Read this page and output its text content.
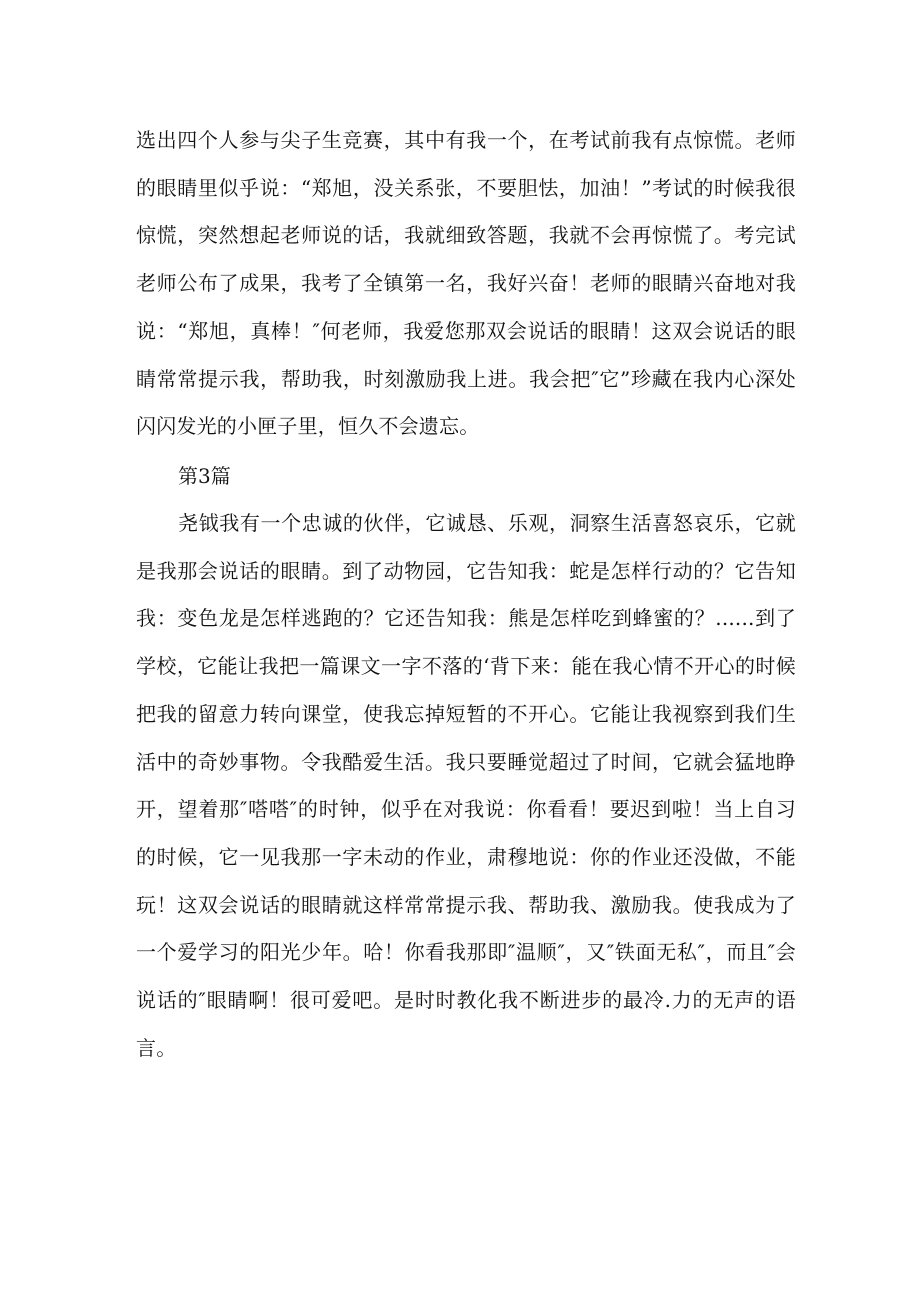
选出四个人参与尖子生竞赛，其中有我一个，在考试前我有点惊慌。老师的眼睛里似乎说：“郑旭，没关系张，不要胆怯，加油！”考试的时候我很惊慌，突然想起老师说的话，我就细致答题，我就不会再惊慌了。考完试老师公布了成果，我考了全镇第一名，我好兴奋！老师的眼睛兴奋地对我说：“郑旭，真棒！″何老师，我爱您那双会说话的眼睛！这双会说话的眼睛常常提示我，帮助我，时刻激励我上进。我会把″它”珍藏在我内心深处闪闪发光的小匣子里，恒久不会遗忘。

第3篇

尧钺我有一个忠诚的伙伴，它诚恳、乐观，洞察生活喜怒哀乐，它就是我那会说话的眼睛。到了动物园，它告知我：蛇是怎样行动的？它告知我：变色龙是怎样逃跑的？它还告知我：熊是怎样吃到蜂蜜的？......到了学校，它能让我把一篇课文一字不落的‘背下来：能在我心情不开心的时候把我的留意力转向课堂，使我忘掉短暂的不开心。它能让我视察到我们生活中的奇妙事物。令我酷爱生活。我只要睡觉超过了时间，它就会猛地睁开，望着那″嗒嗒″的时钟，似乎在对我说：你看看！要迟到啦！当上自习的时候，它一见我那一字未动的作业，肃穆地说：你的作业还没做，不能玩！这双会说话的眼睛就这样常常提示我、帮助我、激励我。使我成为了一个爱学习的阳光少年。哈！你看我那即″温顺″，又″铁面无私″，而且″会说话的″眼睛啊！很可爱吧。是时时教化我不断进步的最冷.力的无声的语言。
